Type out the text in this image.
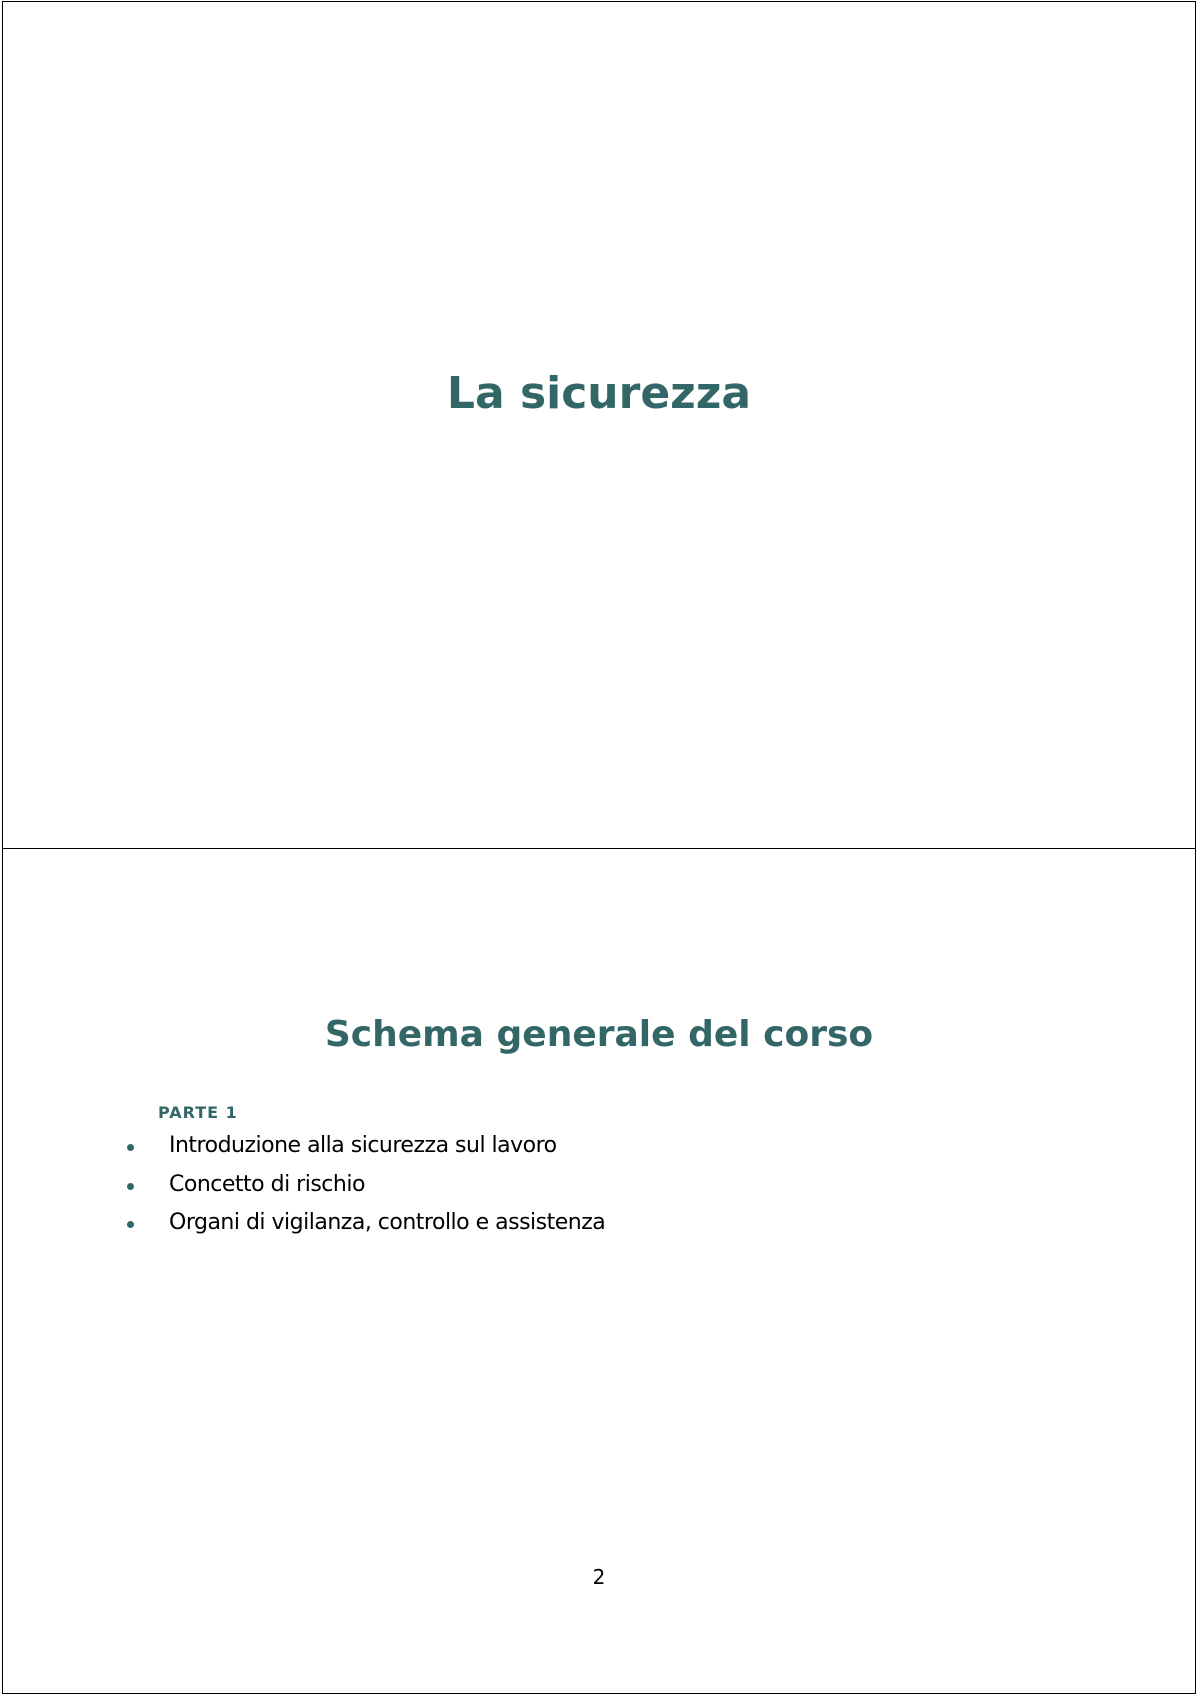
La sicurezza
Schema generale del corso
PARTE 1
Introduzione alla sicurezza sul lavoro
Concetto di rischio
Organi di vigilanza, controllo e assistenza
2
